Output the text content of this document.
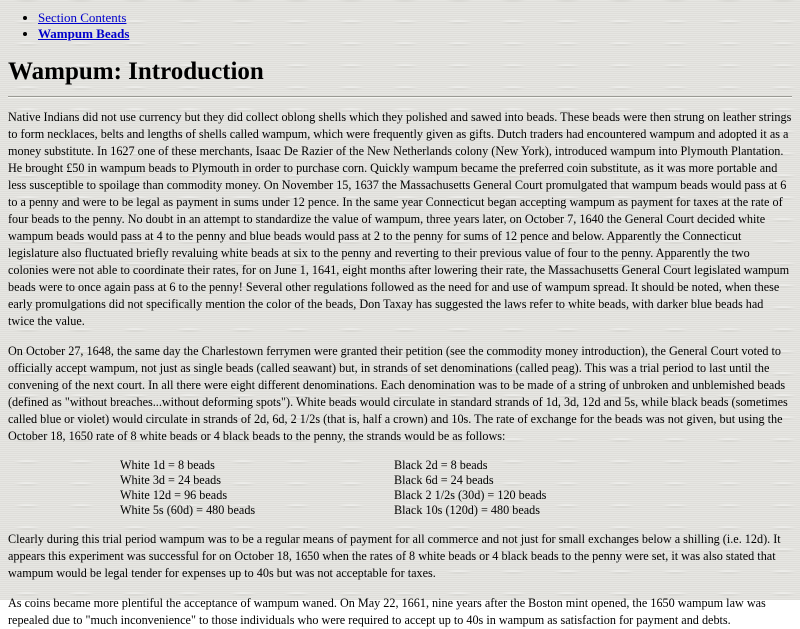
• Section Contents
• Wampum Beads
Wampum: Introduction

Native Indians did not use currency but they did collect oblong shells which they polished and sawed into beads. These beads were then strung on leather strings to form necklaces, belts and lengths of shells called wampum, which were frequently given as gifts. Dutch traders had encountered wampum and adopted it as a money substitute. In 1627 one of these merchants, Isaac De Razier of the New Netherlands colony (New York), introduced wampum into Plymouth Plantation. He brought £50 in wampum beads to Plymouth in order to purchase corn. Quickly wampum became the preferred coin substitute, as it was more portable and less susceptible to spoilage than commodity money. On November 15, 1637 the Massachusetts General Court promulgated that wampum beads would pass at 6 to a penny and were to be legal as payment in sums under 12 pence. In the same year Connecticut began accepting wampum as payment for taxes at the rate of four beads to the penny. No doubt in an attempt to standardize the value of wampum, three years later, on October 7, 1640 the General Court decided white wampum beads would pass at 4 to the penny and blue beads would pass at 2 to the penny for sums of 12 pence and below. Apparently the Connecticut legislature also fluctuated briefly revaluing white beads at six to the penny and reverting to their previous value of four to the penny. Apparently the two colonies were not able to coordinate their rates, for on June 1, 1641, eight months after lowering their rate, the Massachusetts General Court legislated wampum beads were to once again pass at 6 to the penny! Several other regulations followed as the need for and use of wampum spread. It should be noted, when these early promulgations did not specifically mention the color of the beads, Don Taxay has suggested the laws refer to white beads, with darker blue beads had twice the value.

On October 27, 1648, the same day the Charlestown ferrymen were granted their petition (see the commodity money introduction), the General Court voted to officially accept wampum, not just as single beads (called seawant) but, in strands of set denominations (called peag). This was a trial period to last until the convening of the next court. In all there were eight different denominations. Each denomination was to be made of a string of unbroken and unblemished beads (defined as "without breaches...without deforming spots"). White beads would circulate in standard strands of 1d, 3d, 12d and 5s, while black beads (sometimes called blue or violet) would circulate in strands of 2d, 6d, 2 1/2s (that is, half a crown) and 10s. The rate of exchange for the beads was not given, but using the October 18, 1650 rate of 8 white beads or 4 black beads to the penny, the strands would be as follows:

White 1d = 8 beads	Black 2d = 8 beads
White 3d = 24 beads	Black 6d = 24 beads
White 12d = 96 beads	Black 2 1/2s (30d) = 120 beads
White 5s (60d) = 480 beads	Black 10s (120d) = 480 beads

Clearly during this trial period wampum was to be a regular means of payment for all commerce and not just for small exchanges below a shilling (i.e. 12d). It appears this experiment was successful for on October 18, 1650 when the rates of 8 white beads or 4 black beads to the penny were set, it was also stated that wampum would be legal tender for expenses up to 40s but was not acceptable for taxes.

As coins became more plentiful the acceptance of wampum waned. On May 22, 1661, nine years after the Boston mint opened, the 1650 wampum law was repealed due to "much inconvenience" to those individuals who were required to accept up to 40s in wampum as satisfaction for payment and debts.
